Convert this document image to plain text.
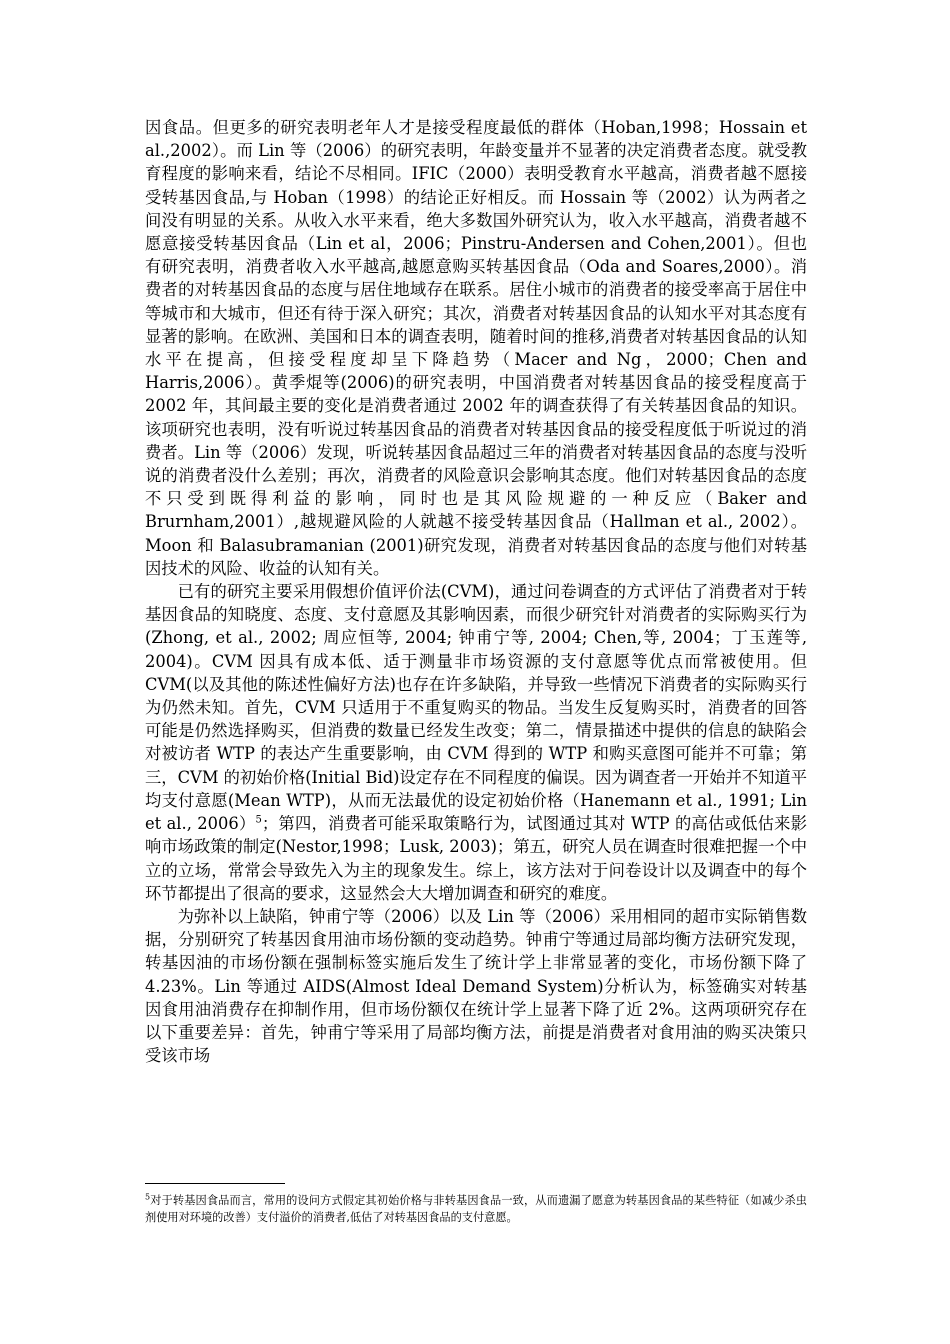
因食品。但更多的研究表明老年人才是接受程度最低的群体（Hoban,1998；Hossain et al.,2002）。而 Lin 等（2006）的研究表明，年龄变量并不显著的决定消费者态度。就受教育程度的影响来看，结论不尽相同。IFIC（2000）表明受教育水平越高，消费者越不愿接受转基因食品,与 Hoban（1998）的结论正好相反。而 Hossain 等（2002）认为两者之间没有明显的关系。从收入水平来看，绝大多数国外研究认为，收入水平越高，消费者越不愿意接受转基因食品（Lin et al，2006；Pinstru-Andersen and Cohen,2001）。但也有研究表明，消费者收入水平越高,越愿意购买转基因食品（Oda and Soares,2000）。消费者的对转基因食品的态度与居住地域存在联系。居住小城市的消费者的接受率高于居住中等城市和大城市，但还有待于深入研究；其次，消费者对转基因食品的认知水平对其态度有显著的影响。在欧洲、美国和日本的调查表明，随着时间的推移,消费者对转基因食品的认知水平在提高，但接受程度却呈下降趋势（Macer and Ng，2000；Chen and Harris,2006）。黄季焜等(2006)的研究表明，中国消费者对转基因食品的接受程度高于 2002 年，其间最主要的变化是消费者通过 2002 年的调查获得了有关转基因食品的知识。该项研究也表明，没有听说过转基因食品的消费者对转基因食品的接受程度低于听说过的消费者。Lin 等（2006）发现，听说转基因食品超过三年的消费者对转基因食品的态度与没听说的消费者没什么差别；再次，消费者的风险意识会影响其态度。他们对转基因食品的态度不只受到既得利益的影响，同时也是其风险规避的一种反应（Baker and Brurnham,2001）,越规避风险的人就越不接受转基因食品（Hallman et al., 2002）。Moon 和 Balasubramanian (2001)研究发现，消费者对转基因食品的态度与他们对转基因技术的风险、收益的认知有关。

已有的研究主要采用假想价值评价法(CVM)，通过问卷调查的方式评估了消费者对于转基因食品的知晓度、态度、支付意愿及其影响因素，而很少研究针对消费者的实际购买行为(Zhong, et al., 2002; 周应恒等, 2004; 钟甫宁等, 2004; Chen,等, 2004；丁玉莲等, 2004)。CVM 因具有成本低、适于测量非市场资源的支付意愿等优点而常被使用。但 CVM(以及其他的陈述性偏好方法)也存在许多缺陷，并导致一些情况下消费者的实际购买行为仍然未知。首先，CVM 只适用于不重复购买的物品。当发生反复购买时，消费者的回答可能是仍然选择购买，但消费的数量已经发生改变；第二，情景描述中提供的信息的缺陷会对被访者 WTP 的表达产生重要影响，由 CVM 得到的 WTP 和购买意图可能并不可靠；第三，CVM 的初始价格(Initial Bid)设定存在不同程度的偏误。因为调查者一开始并不知道平均支付意愿(Mean WTP)，从而无法最优的设定初始价格（Hanemann et al., 1991; Lin et al., 2006）$^5$；第四，消费者可能采取策略行为，试图通过其对 WTP 的高估或低估来影响市场政策的制定(Nestor,1998；Lusk, 2003)；第五，研究人员在调查时很难把握一个中立的立场，常常会导致先入为主的现象发生。综上，该方法对于问卷设计以及调查中的每个环节都提出了很高的要求，这显然会大大增加调查和研究的难度。

为弥补以上缺陷，钟甫宁等（2006）以及 Lin 等（2006）采用相同的超市实际销售数据，分别研究了转基因食用油市场份额的变动趋势。钟甫宁等通过局部均衡方法研究发现，转基因油的市场份额在强制标签实施后发生了统计学上非常显著的变化，市场份额下降了 4.23%。Lin 等通过 AIDS(Almost Ideal Demand System)分析认为，标签确实对转基因食用油消费存在抑制作用，但市场份额仅在统计学上显著下降了近 2%。这两项研究存在以下重要差异：首先，钟甫宁等采用了局部均衡方法，前提是消费者对食用油的购买决策只受该市场

$^5$对于转基因食品而言，常用的设问方式假定其初始价格与非转基因食品一致，从而遗漏了愿意为转基因食品的某些特征（如减少杀虫剂使用对环境的改善）支付溢价的消费者,低估了对转基因食品的支付意愿。
